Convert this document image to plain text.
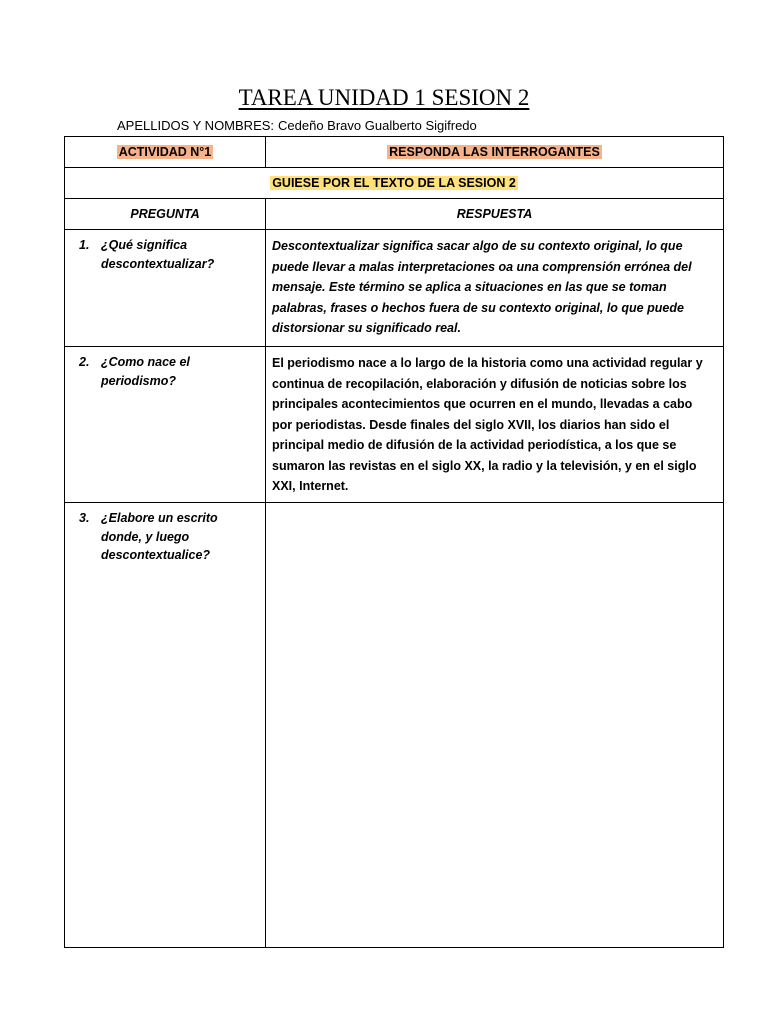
TAREA UNIDAD 1 SESION 2
APELLIDOS Y NOMBRES: Cedeño Bravo Gualberto Sigifredo
ACTIVIDAD N°1	RESPONDA LAS INTERROGANTES
GUIESE POR EL TEXTO DE LA SESION 2	
PREGUNTA	RESPUESTA

1. ¿Qué significa descontextualizar?	Descontextualizar significa sacar algo de su contexto original, lo que puede llevar a malas interpretaciones oa una comprensión errónea del mensaje. Este término se aplica a situaciones en las que se toman palabras, frases o hechos fuera de su contexto original, lo que puede distorsionar su significado real.

2. ¿Como nace el periodismo?	El periodismo nace a lo largo de la historia como una actividad regular y continua de recopilación, elaboración y difusión de noticias sobre los principales acontecimientos que ocurren en el mundo, llevadas a cabo por periodistas. Desde finales del siglo XVII, los diarios han sido el principal medio de difusión de la actividad periodística, a los que se sumaron las revistas en el siglo XX, la radio y la televisión, y en el siglo XXI, Internet.

3. ¿Elabore un escrito donde, y luego descontextualice?	
